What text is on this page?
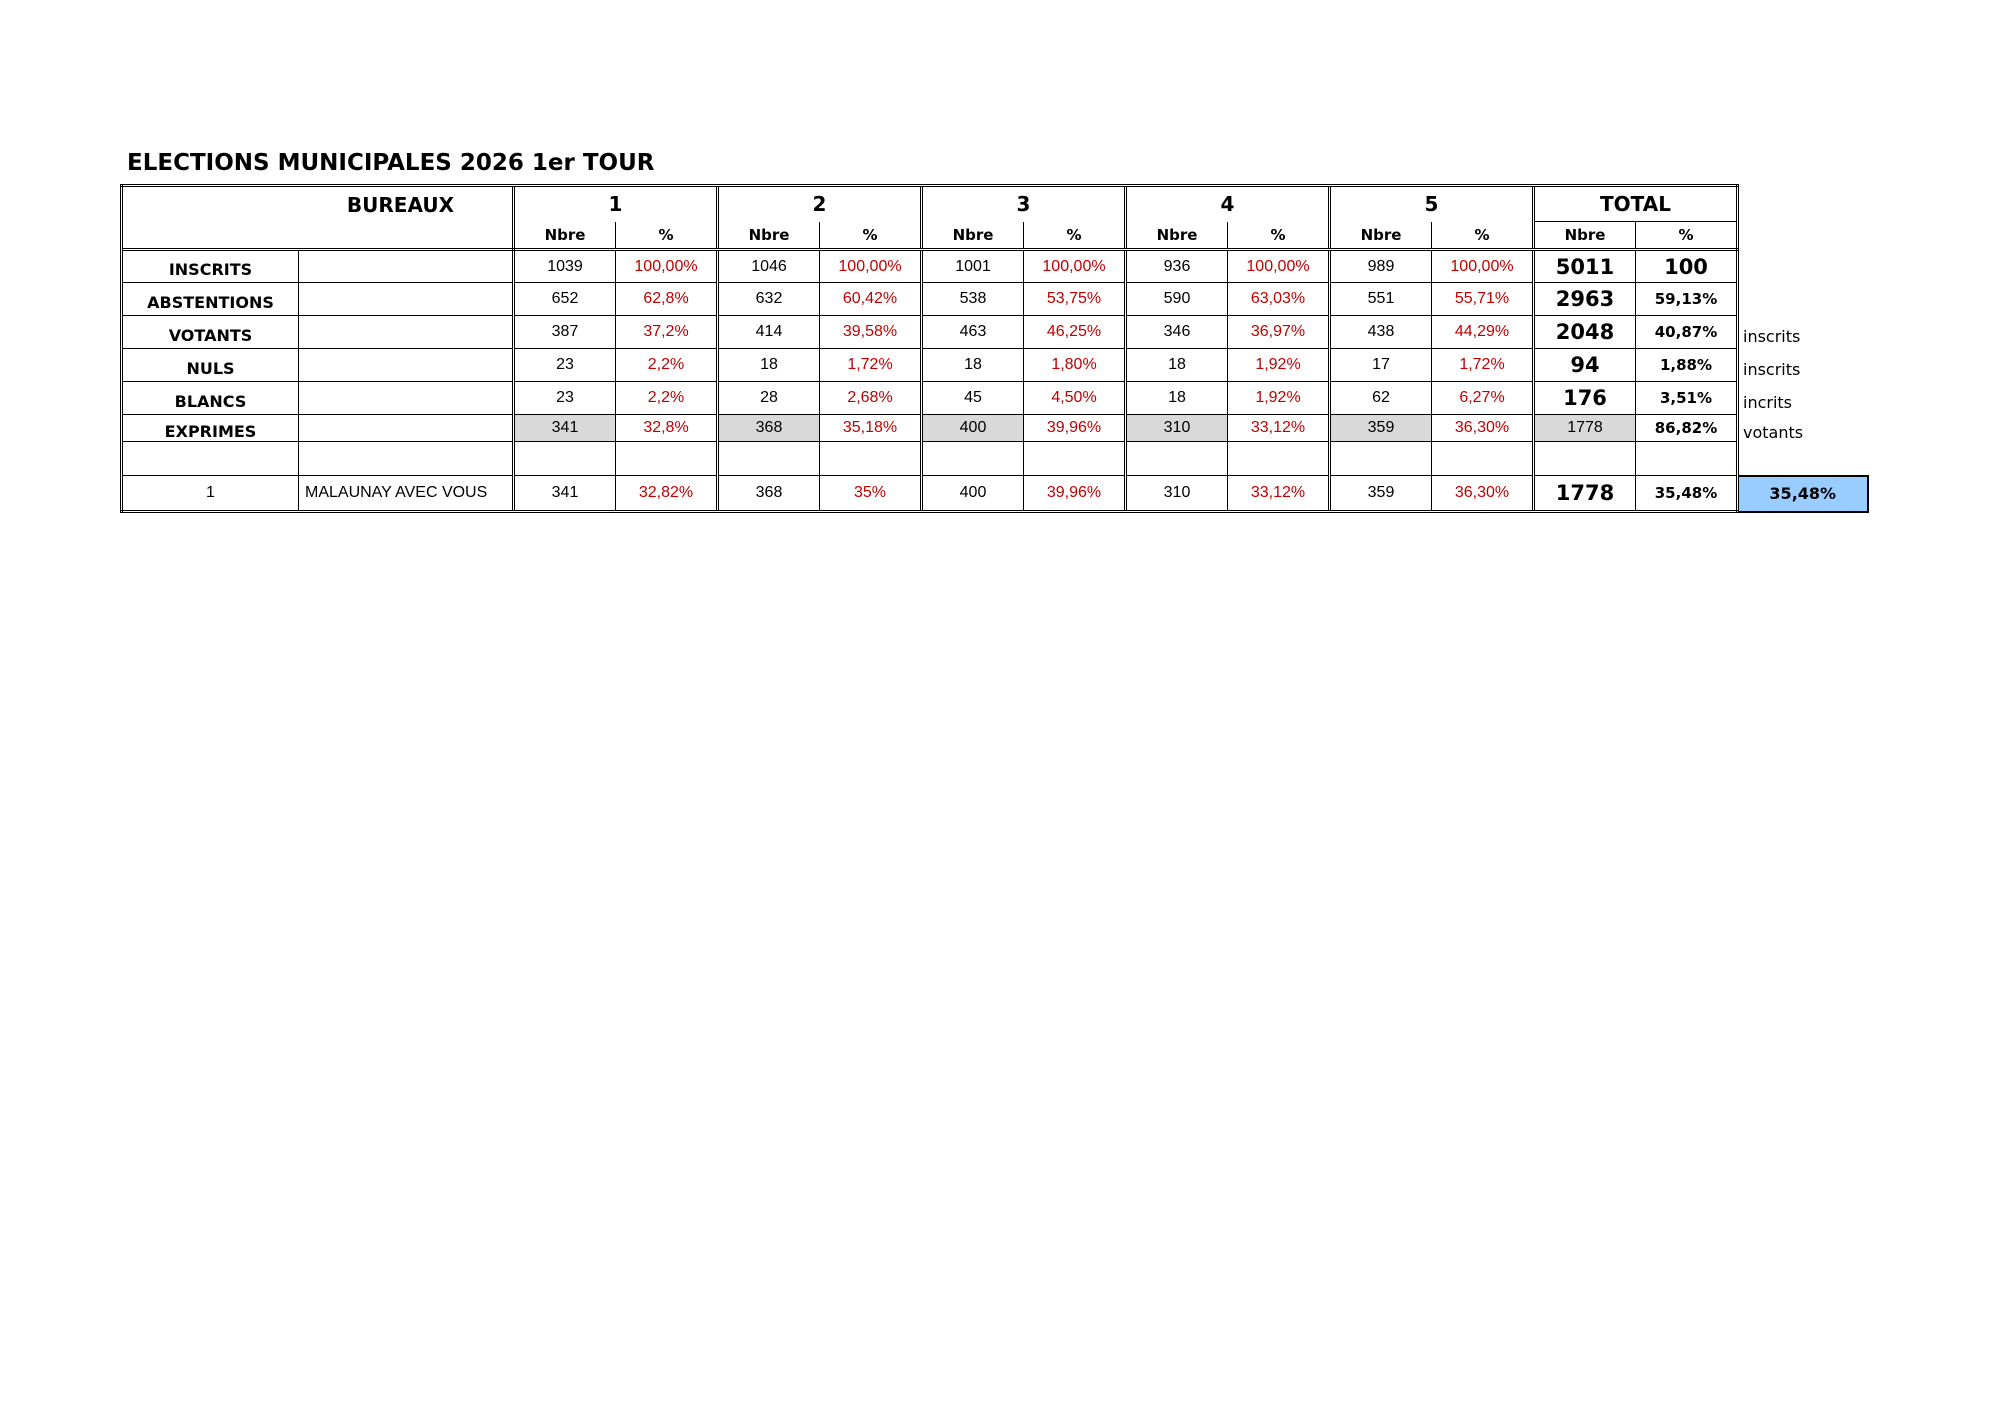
ELECTIONS MUNICIPALES 2026 1er TOUR
BUREAUX		1		2		3		4		5		TOTAL		
		Nbre	%	Nbre	%	Nbre	%	Nbre	%	Nbre	%	Nbre	%	
INSCRITS		1039	100,00%	1046	100,00%	1001	100,00%	936	100,00%	989	100,00%	5011	100	
ABSTENTIONS		652	62,8%	632	60,42%	538	53,75%	590	63,03%	551	55,71%	2963	59,13%	
VOTANTS		387	37,2%	414	39,58%	463	46,25%	346	36,97%	438	44,29%	2048	40,87%	inscrits
NULS		23	2,2%	18	1,72%	18	1,80%	18	1,92%	17	1,72%	94	1,88%	inscrits
BLANCS		23	2,2%	28	2,68%	45	4,50%	18	1,92%	62	6,27%	176	3,51%	incrits
EXPRIMES		341	32,8%	368	35,18%	400	39,96%	310	33,12%	359	36,30%	1778	86,82%	votants

1	MALAUNAY AVEC VOUS	341	32,82%	368	35%	400	39,96%	310	33,12%	359	36,30%	1778	35,48%	35,48%
